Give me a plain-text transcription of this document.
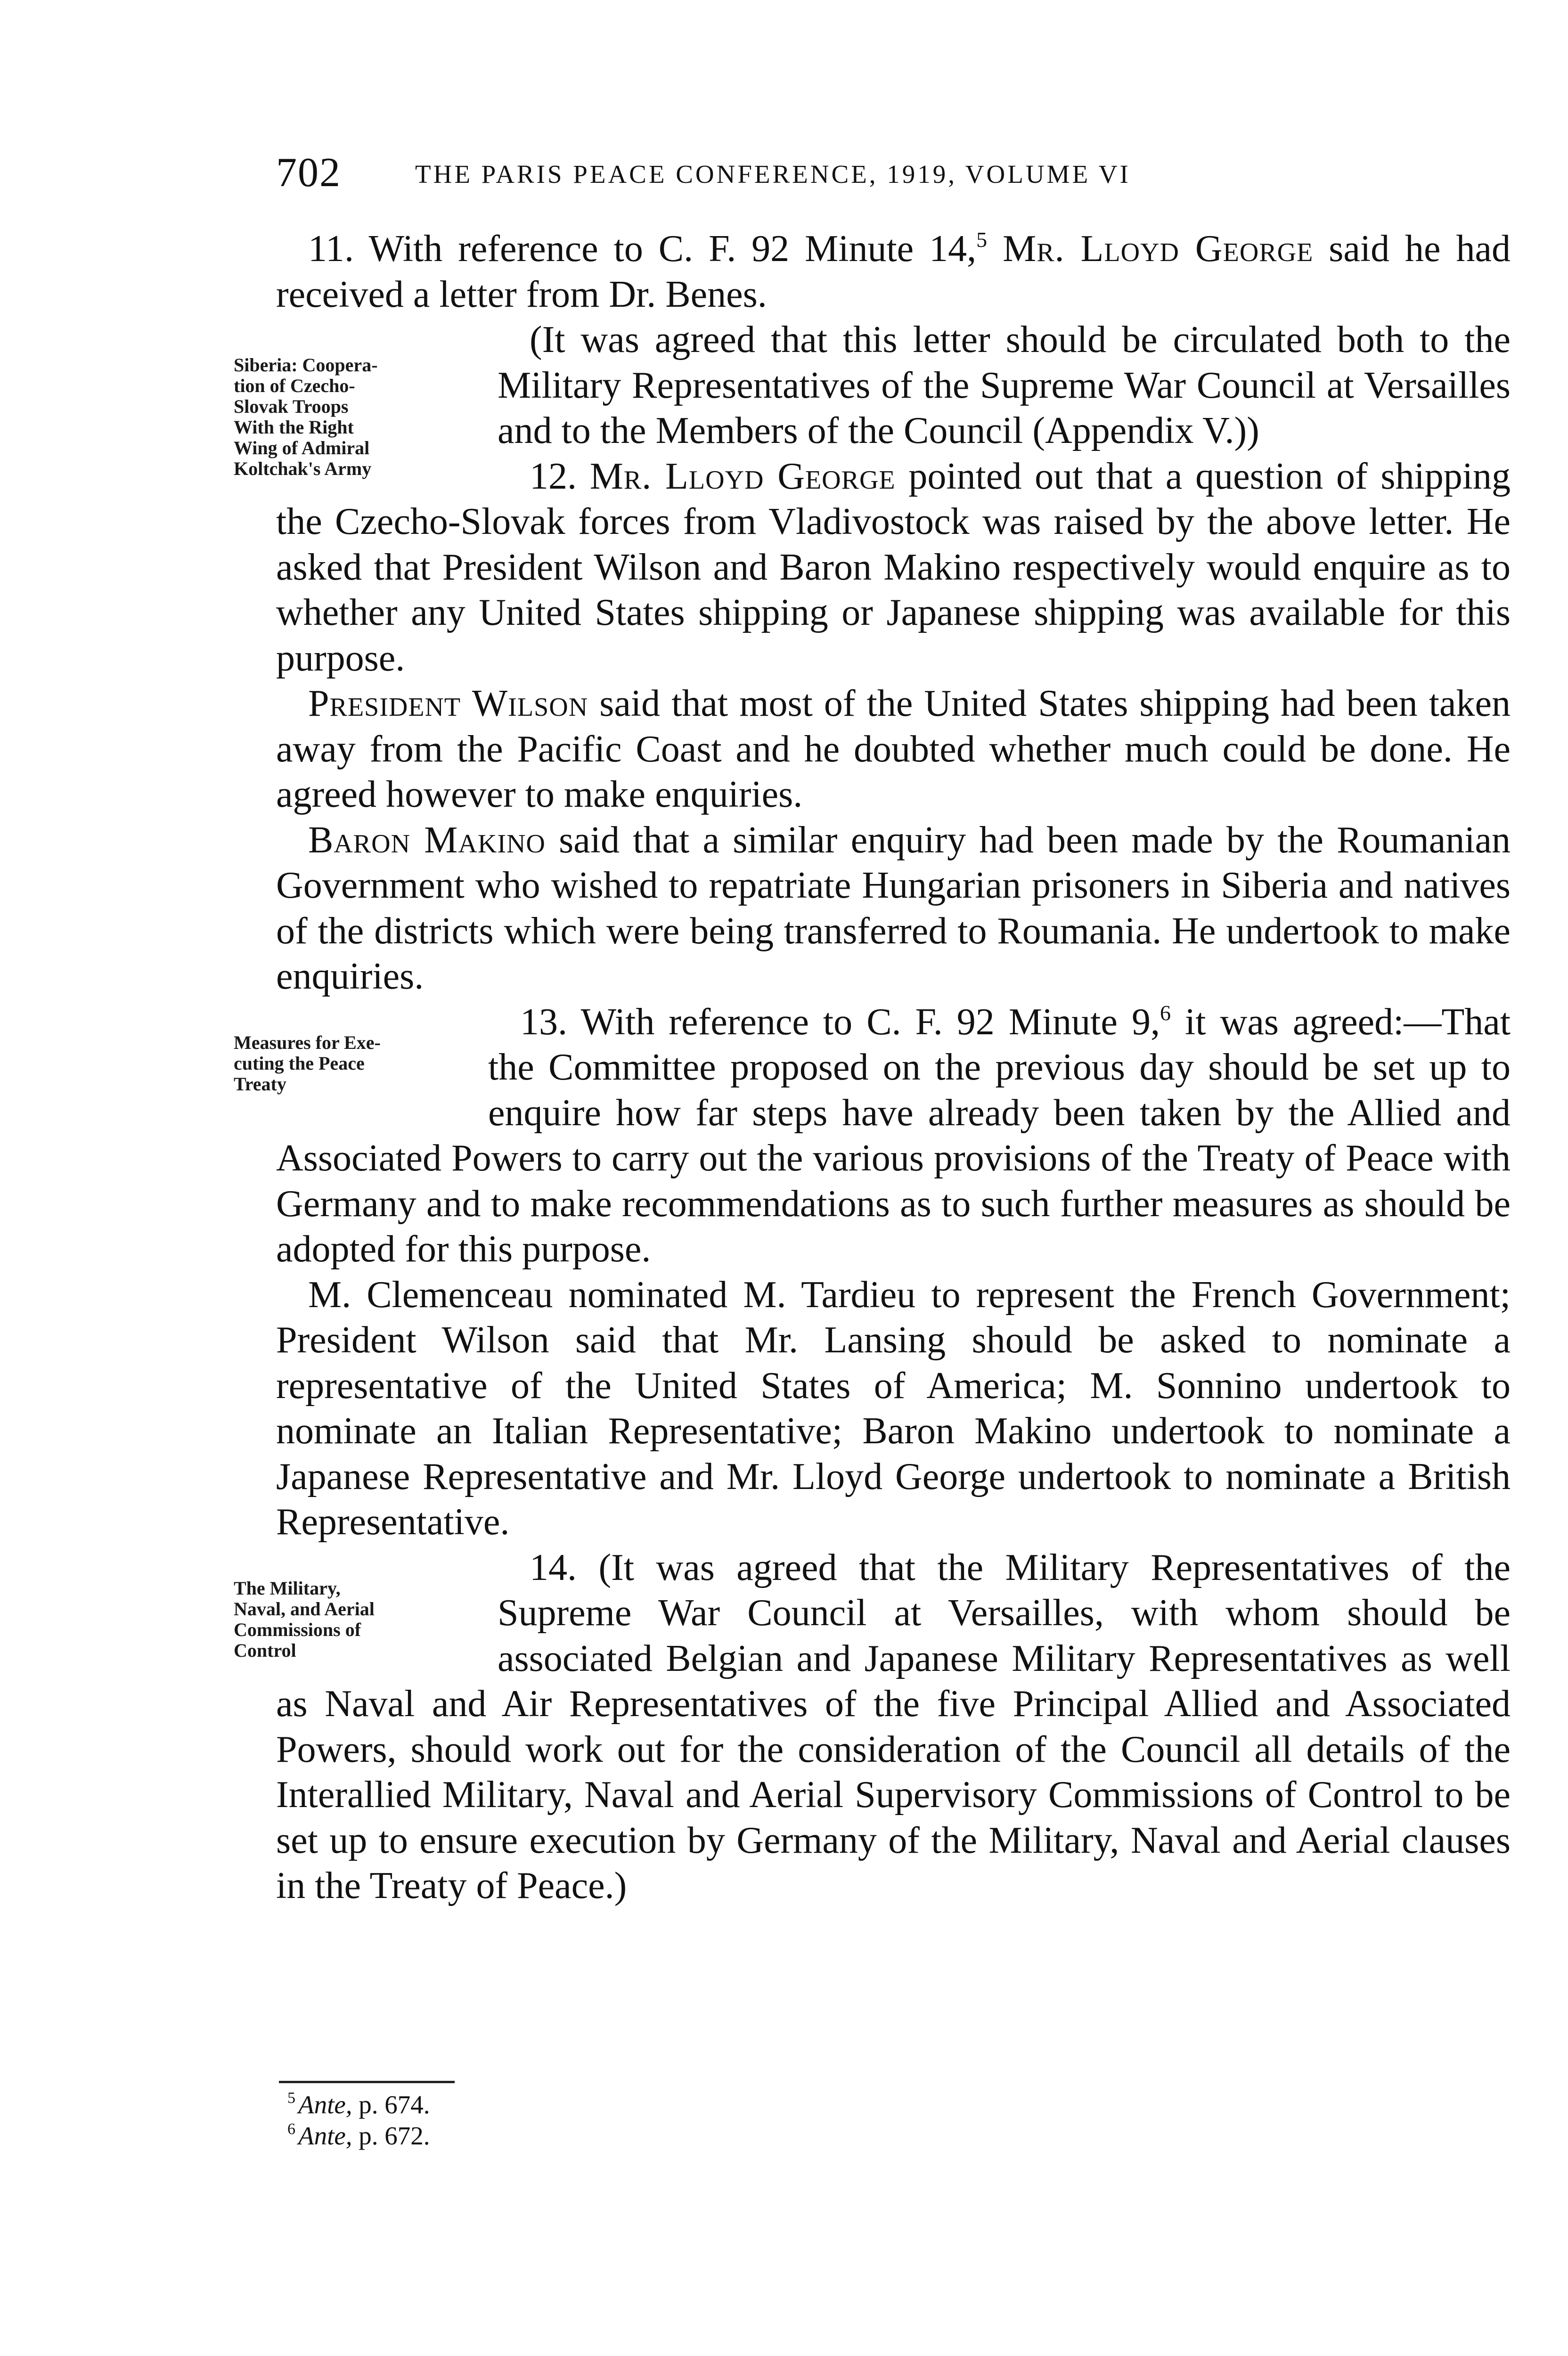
702	THE PARIS PEACE CONFERENCE, 1919, VOLUME VI

11. With reference to C. F. 92 Minute 14,$^5$ Mr. Lloyd George said he had received a letter from Dr. Benes.

Siberia: Coopera-
tion of Czecho-
Slovak Troops
With the Right
Wing of Admiral
Koltchak's Army

(It was agreed that this letter should be circulated both to the Military Representatives of the Supreme War Council at Versailles and to the Members of the Council (Appendix V.))

12. Mr. Lloyd George pointed out that a question of shipping the Czecho-Slovak forces from Vladivostock was raised by the above letter. He asked that President Wilson and Baron Makino respectively would enquire as to whether any United States shipping or Japanese shipping was available for this purpose.

President Wilson said that most of the United States shipping had been taken away from the Pacific Coast and he doubted whether much could be done. He agreed however to make enquiries.

Baron Makino said that a similar enquiry had been made by the Roumanian Government who wished to repatriate Hungarian prisoners in Siberia and natives of the districts which were being transferred to Roumania. He undertook to make enquiries.

Measures for Exe-
cuting the Peace
Treaty

13. With reference to C. F. 92 Minute 9,$^6$ it was agreed:—That the Committee proposed on the previous day should be set up to enquire how far steps have already been taken by the Allied and Associated Powers to carry out the various provisions of the Treaty of Peace with Germany and to make recommendations as to such further measures as should be adopted for this purpose.

M. Clemenceau nominated M. Tardieu to represent the French Government; President Wilson said that Mr. Lansing should be asked to nominate a representative of the United States of America; M. Sonnino undertook to nominate an Italian Representative; Baron Makino undertook to nominate a Japanese Representative and Mr. Lloyd George undertook to nominate a British Representative.

The Military,
Naval, and Aerial
Commissions of
Control

14. (It was agreed that the Military Representatives of the Supreme War Council at Versailles, with whom should be associated Belgian and Japanese Military Representatives as well as Naval and Air Representatives of the five Principal Allied and Associated Powers, should work out for the consideration of the Council all details of the Interallied Military, Naval and Aerial Supervisory Commissions of Control to be set up to ensure execution by Germany of the Military, Naval and Aerial clauses in the Treaty of Peace.)

$^5$ Ante, p. 674.
$^6$ Ante, p. 672.
